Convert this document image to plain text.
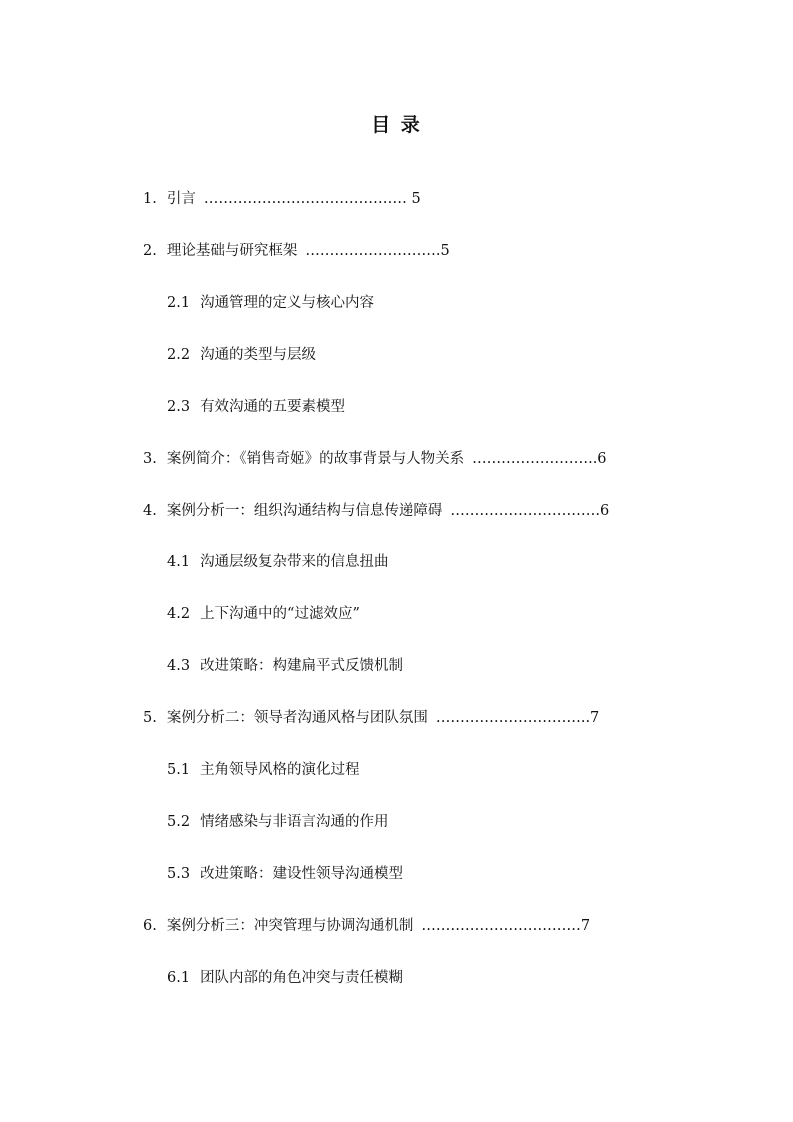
目 录
1. 引言 …………………………………… 5
2. 理论基础与研究框架 ……………………….5
2.1 沟通管理的定义与核心内容
2.2 沟通的类型与层级
2.3 有效沟通的五要素模型
3. 案例简介：《销售奇姬》的故事背景与人物关系 ……………………..6
4. 案例分析一：组织沟通结构与信息传递障碍 ………………………….6
4.1 沟通层级复杂带来的信息扭曲
4.2 上下沟通中的“过滤效应”
4.3 改进策略：构建扁平式反馈机制
5. 案例分析二：领导者沟通风格与团队氛围 …………………………..7
5.1 主角领导风格的演化过程
5.2 情绪感染与非语言沟通的作用
5.3 改进策略：建设性领导沟通模型
6. 案例分析三：冲突管理与协调沟通机制 ……………………………7
6.1 团队内部的角色冲突与责任模糊
